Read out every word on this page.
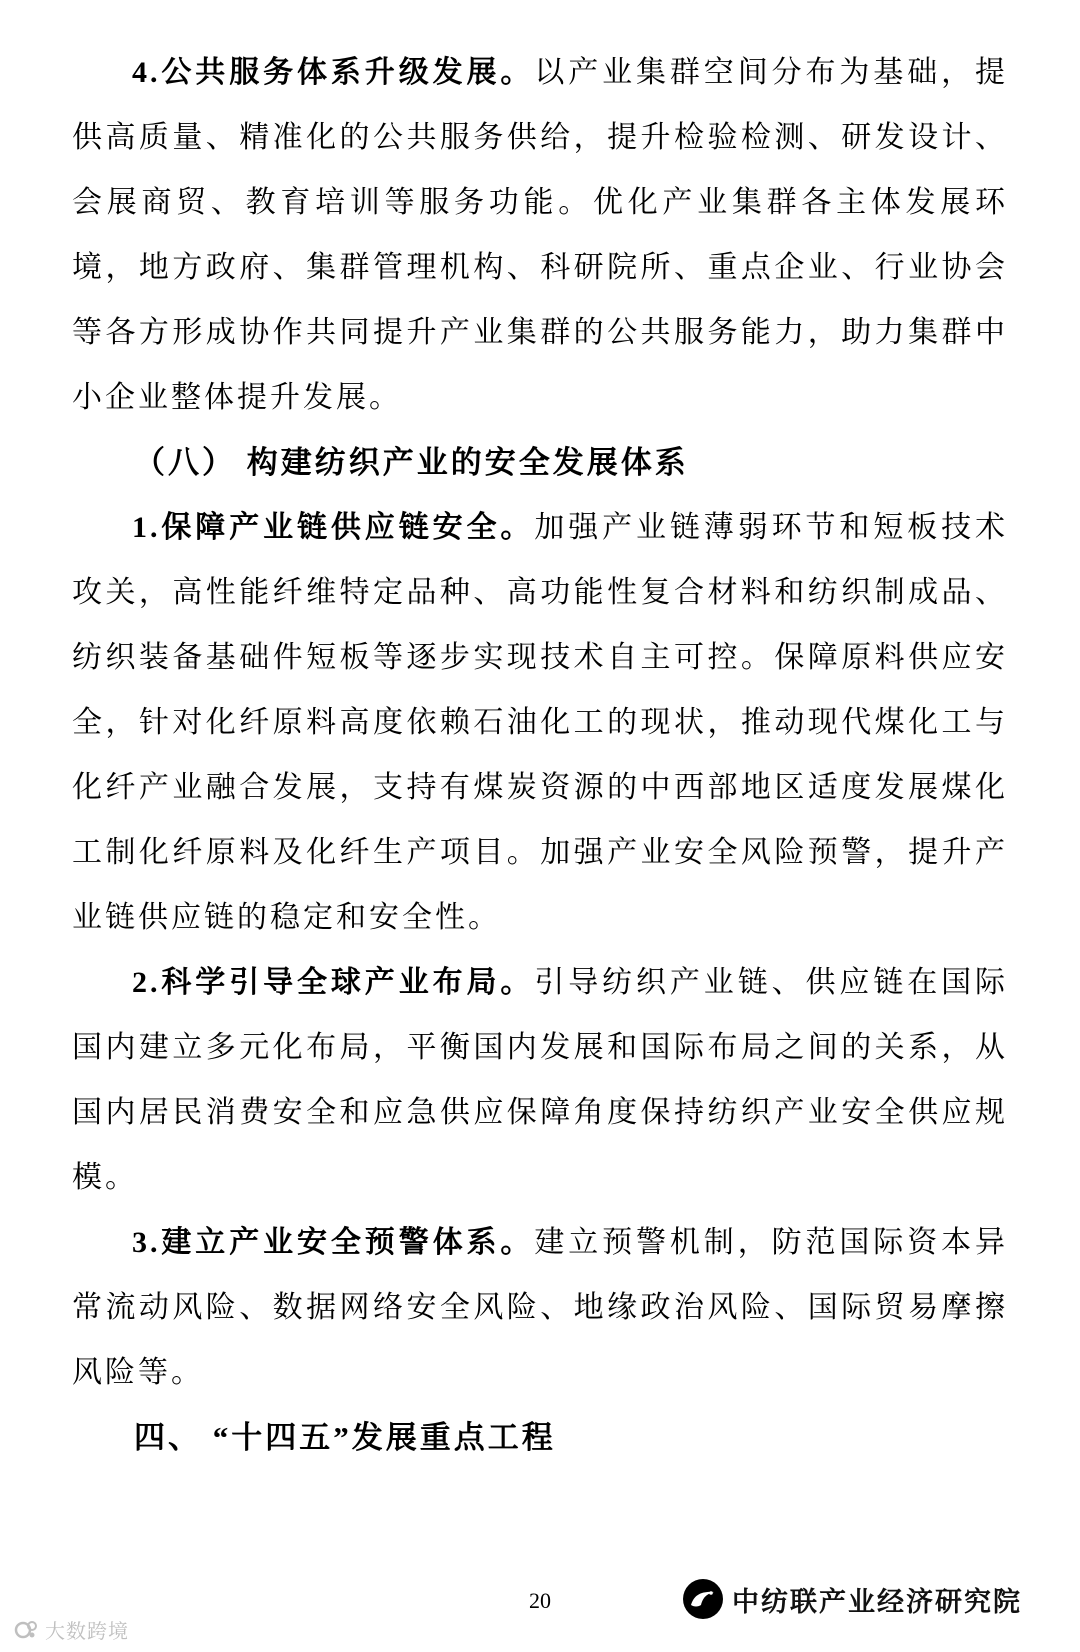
4.公共服务体系升级发展。以产业集群空间分布为基础，提供高质量、精准化的公共服务供给，提升检验检测、研发设计、会展商贸、教育培训等服务功能。优化产业集群各主体发展环境，地方政府、集群管理机构、科研院所、重点企业、行业协会等各方形成协作共同提升产业集群的公共服务能力，助力集群中小企业整体提升发展。

（八） 构建纺织产业的安全发展体系

1.保障产业链供应链安全。加强产业链薄弱环节和短板技术攻关，高性能纤维特定品种、高功能性复合材料和纺织制成品、纺织装备基础件短板等逐步实现技术自主可控。保障原料供应安全，针对化纤原料高度依赖石油化工的现状，推动现代煤化工与化纤产业融合发展，支持有煤炭资源的中西部地区适度发展煤化工制化纤原料及化纤生产项目。加强产业安全风险预警，提升产业链供应链的稳定和安全性。

2.科学引导全球产业布局。引导纺织产业链、供应链在国际国内建立多元化布局，平衡国内发展和国际布局之间的关系，从国内居民消费安全和应急供应保障角度保持纺织产业安全供应规模。

3.建立产业安全预警体系。建立预警机制，防范国际资本异常流动风险、数据网络安全风险、地缘政治风险、国际贸易摩擦风险等。

四、 “十四五”发展重点工程
20	中纺联产业经济研究院
大数跨境
